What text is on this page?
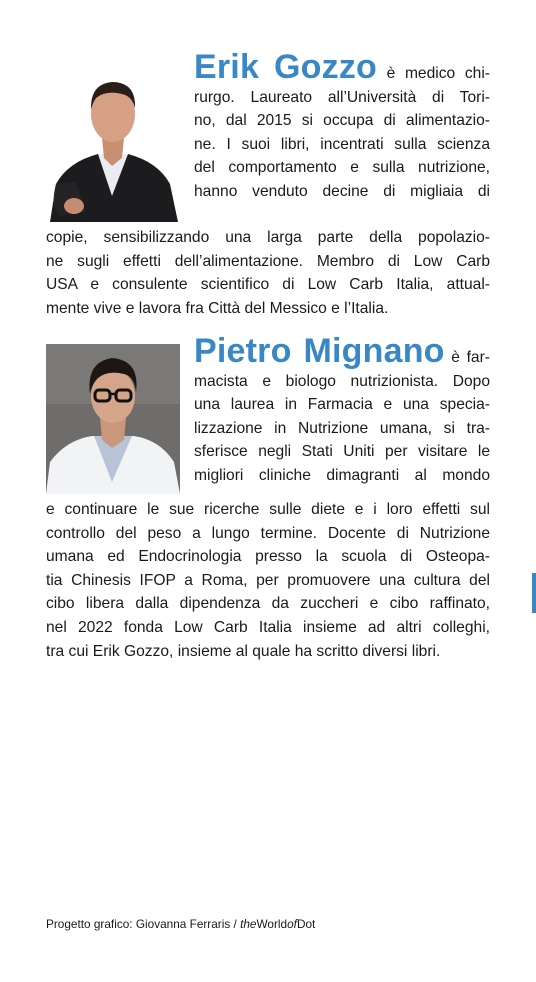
Erik Gozzo è medico chi-
rurgo. Laureato all’Università di Tori-
no, dal 2015 si occupa di alimentazio-
ne. I suoi libri, incentrati sulla scienza
del comportamento e sulla nutrizione,
hanno venduto decine di migliaia di
copie, sensibilizzando una larga parte della popolazio-
ne sugli effetti dell’alimentazione. Membro di Low Carb
USA e consulente scientifico di Low Carb Italia, attual-
mente vive e lavora fra Città del Messico e l’Italia.
Pietro Mignano è far-
macista e biologo nutrizionista. Dopo
una laurea in Farmacia e una specia-
lizzazione in Nutrizione umana, si tra-
sferisce negli Stati Uniti per visitare le
migliori cliniche dimagranti al mondo
e continuare le sue ricerche sulle diete e i loro effetti sul
controllo del peso a lungo termine. Docente di Nutrizione
umana ed Endocrinologia presso la scuola di Osteopa-
tia Chinesis IFOP a Roma, per promuovere una cultura del
cibo libera dalla dipendenza da zuccheri e cibo raffinato,
nel 2022 fonda Low Carb Italia insieme ad altri colleghi,
tra cui Erik Gozzo, insieme al quale ha scritto diversi libri.

Progetto grafico: Giovanna Ferraris / theWorldofDot
